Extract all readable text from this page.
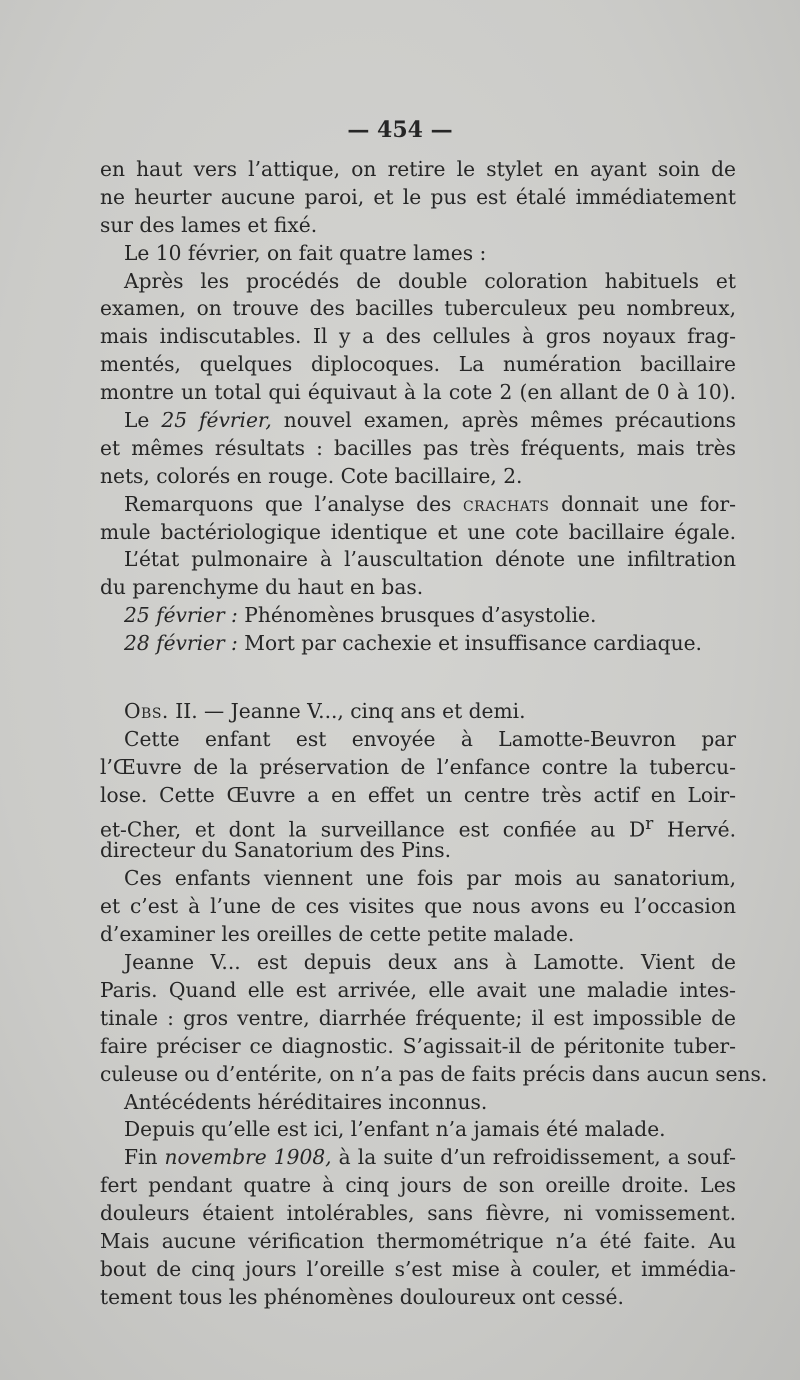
— 454 —
en haut vers l’attique, on retire le stylet en ayant soin de
ne heurter aucune paroi, et le pus est étalé immédiatement
sur des lames et fixé.
Le 10 février, on fait quatre lames :
Après les procédés de double coloration habituels et
examen, on trouve des bacilles tuberculeux peu nombreux,
mais indiscutables. Il y a des cellules à gros noyaux frag-
mentés, quelques diplocoques. La numération bacillaire
montre un total qui équivaut à la cote 2 (en allant de 0 à 10).
Le 25 février, nouvel examen, après mêmes précautions
et mêmes résultats : bacilles pas très fréquents, mais très
nets, colorés en rouge. Cote bacillaire, 2.
Remarquons que l’analyse des crachats donnait une for-
mule bactériologique identique et une cote bacillaire égale.
L’état pulmonaire à l’auscultation dénote une infiltration
du parenchyme du haut en bas.
25 février : Phénomènes brusques d’asystolie.
28 février : Mort par cachexie et insuffisance cardiaque.
Obs. II. — Jeanne V..., cinq ans et demi.
Cette enfant est envoyée à Lamotte-Beuvron par
l’Œuvre de la préservation de l’enfance contre la tubercu-
lose. Cette Œuvre a en effet un centre très actif en Loir-
et-Cher, et dont la surveillance est confiée au $D^r$ Hervé.
directeur du Sanatorium des Pins.
Ces enfants viennent une fois par mois au sanatorium,
et c’est à l’une de ces visites que nous avons eu l’occasion
d’examiner les oreilles de cette petite malade.
Jeanne V... est depuis deux ans à Lamotte. Vient de
Paris. Quand elle est arrivée, elle avait une maladie intes-
tinale : gros ventre, diarrhée fréquente; il est impossible de
faire préciser ce diagnostic. S’agissait-il de péritonite tuber-
culeuse ou d’entérite, on n’a pas de faits précis dans aucun sens.
Antécédents héréditaires inconnus.
Depuis qu’elle est ici, l’enfant n’a jamais été malade.
Fin novembre 1908, à la suite d’un refroidissement, a souf-
fert pendant quatre à cinq jours de son oreille droite. Les
douleurs étaient intolérables, sans fièvre, ni vomissement.
Mais aucune vérification thermométrique n’a été faite. Au
bout de cinq jours l’oreille s’est mise à couler, et immédia-
tement tous les phénomènes douloureux ont cessé.
